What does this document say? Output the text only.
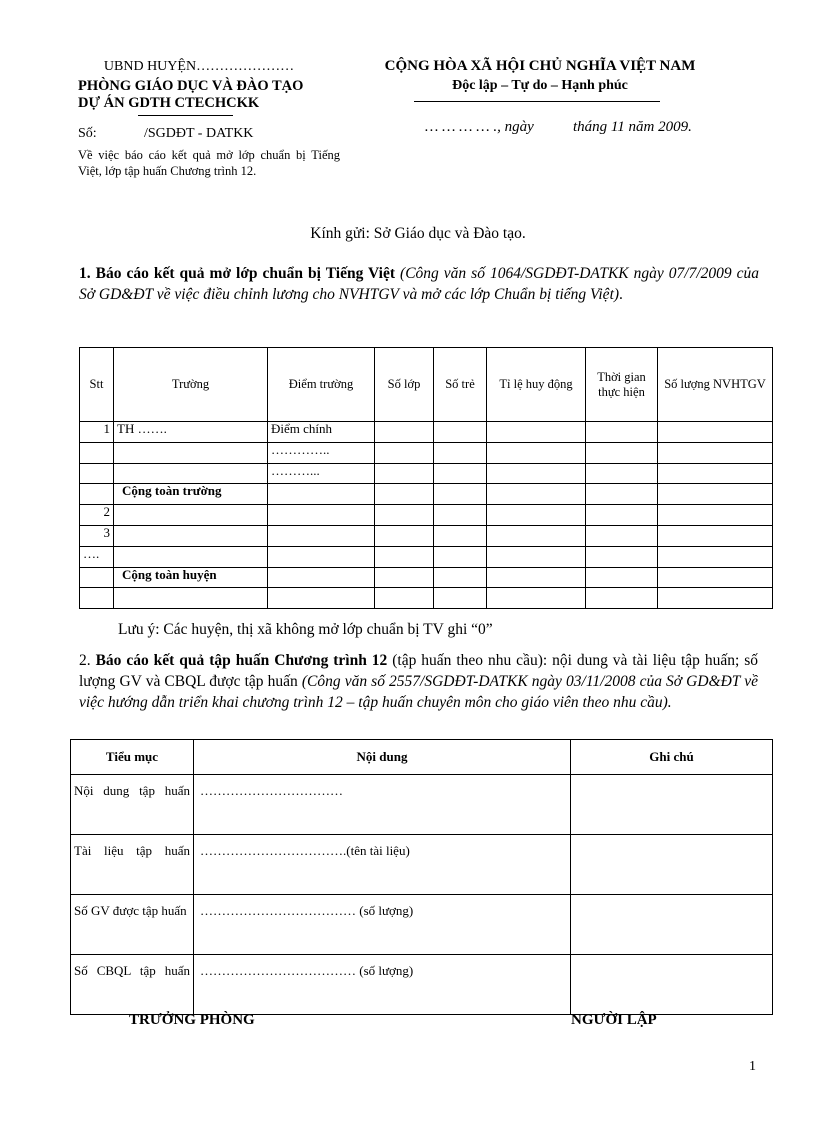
UBND HUYỆN…………………
PHÒNG GIÁO DỤC VÀ ĐÀO TẠO
DỰ ÁN GDTH CTECHCKK
Số:	/SGDĐT - DATKK
Về việc báo cáo kết quả mở lớp chuẩn bị Tiếng Việt, lớp tập huấn Chương trình 12.
CỘNG HÒA XÃ HỘI CHỦ NGHĨA VIỆT NAM
Độc lập – Tự do – Hạnh phúc
… … … … ., ngày	tháng 11 năm 2009.
Kính gửi: Sở Giáo dục và Đào tạo.
1. Báo cáo kết quả mở lớp chuẩn bị Tiếng Việt (Công văn số 1064/SGDĐT-DATKK ngày 07/7/2009 của Sở GD&ĐT về việc điều chỉnh lương cho NVHTGV và mở các lớp Chuẩn bị tiếng Việt).
Stt	Trường	Điểm trường	Số lớp	Số trẻ	Tỉ lệ huy động	Thời gian thực hiện	Số lượng NVHTGV
1	TH …….	Điểm chính					
		…………..					
		………...					
	Cộng toàn trường						
2							
3							
….							
	Cộng toàn huyện						

Lưu ý: Các huyện, thị xã không mở lớp chuẩn bị TV ghi “0”
2. Báo cáo kết quả tập huấn Chương trình 12 (tập huấn theo nhu cầu): nội dung và tài liệu tập huấn; số lượng GV và CBQL được tập huấn (Công văn số 2557/SGDĐT-DATKK ngày 03/11/2008 của Sở GD&ĐT về việc hướng dẫn triển khai chương trình 12 – tập huấn chuyên môn cho giáo viên theo nhu cầu).
Tiểu mục	Nội dung	Ghi chú
Nội dung tập huấn	……………………………	
Tài liệu tập huấn	…………………………….(tên tài liệu)	
Số GV được tập huấn	……………………………… (số lượng)	
Số CBQL tập huấn	……………………………… (số lượng)	
TRƯỞNG PHÒNG	NGƯỜI LẬP
1
